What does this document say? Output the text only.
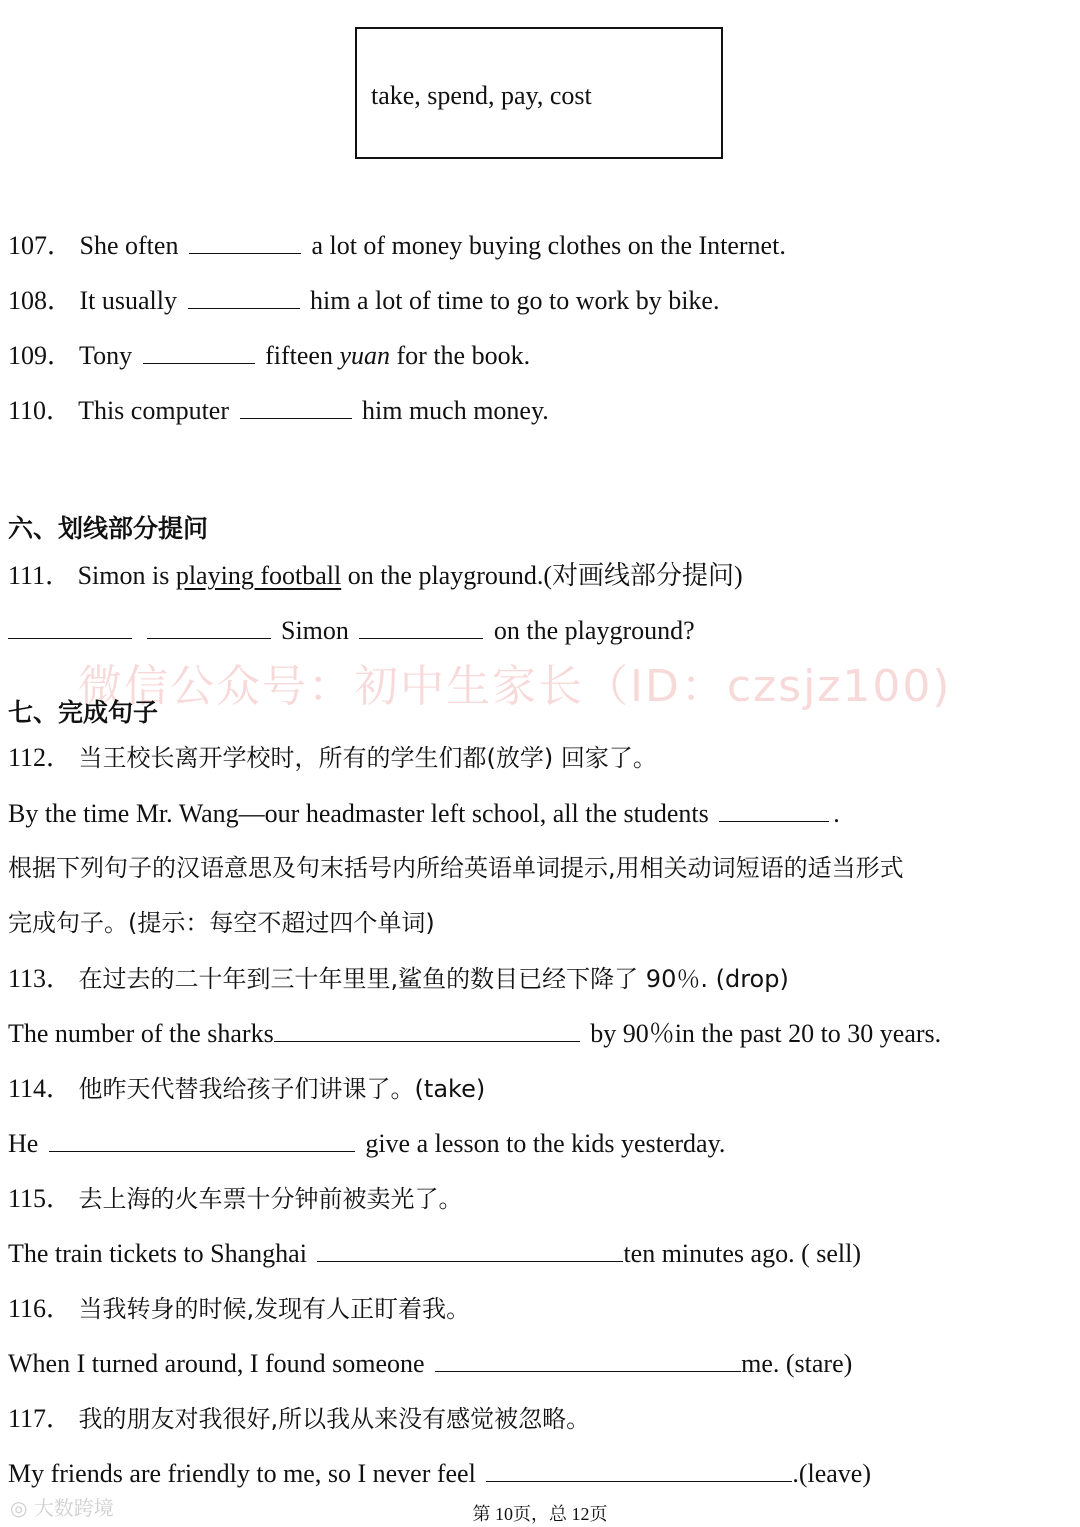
take, spend, pay, cost
107． She often	a lot of money buying clothes on the Internet.
108． It usually	him a lot of time to go to work by bike.
109． Tony	fifteen yuan for the book.
110． This computer	him much money.
六、划线部分提问
111． Simon is playing football on the playground.(对画线部分提问)
Simon	on the playground?
微信公众号：初中生家长（ID：czsjz100)
七、完成句子
112． 当王校长离开学校时，所有的学生们都(放学) 回家了。
By the time Mr. Wang—our headmaster left school, all the students	.
根据下列句子的汉语意思及句末括号内所给英语单词提示,用相关动词短语的适当形式
完成句子。(提示：每空不超过四个单词)
113． 在过去的二十年到三十年里里,鲨鱼的数目已经下降了 90％. (drop)
The number of the sharks	by 90％in the past 20 to 30 years.
114． 他昨天代替我给孩子们讲课了。(take)
He	give a lesson to the kids yesterday.
115． 去上海的火车票十分钟前被卖光了。
The train tickets to Shanghai	ten minutes ago. ( sell)
116． 当我转身的时候,发现有人正盯着我。
When I turned around, I found someone	me. (stare)
117． 我的朋友对我很好,所以我从来没有感觉被忽略。
My friends are friendly to me, so I never feel	.(leave)
◎ 大数跨境	第 10页，总 12页
